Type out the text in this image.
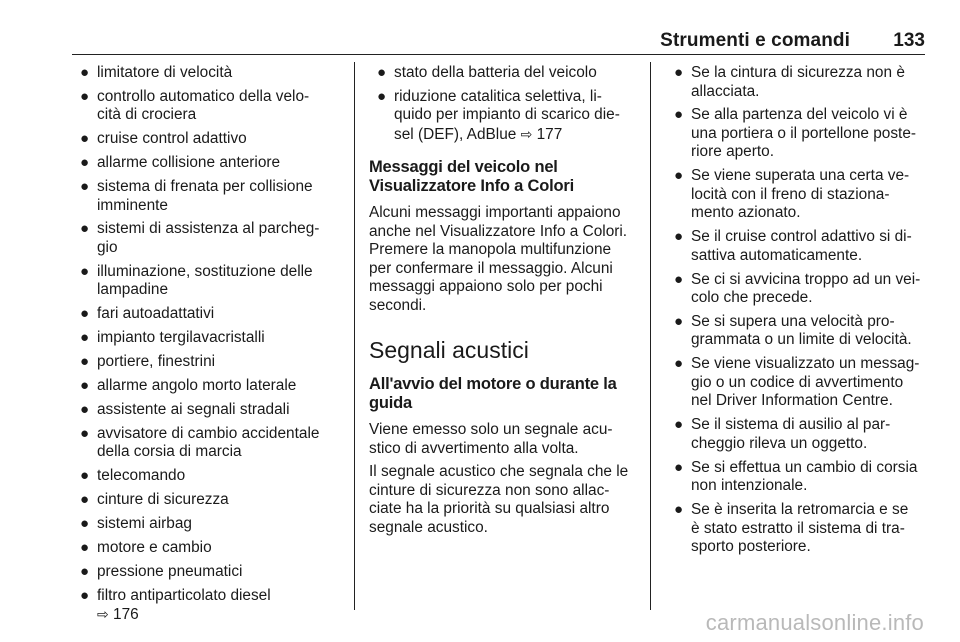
Strumenti e comandi 133
● limitatore di velocità
● controllo automatico della velo-
cità di crociera
● cruise control adattivo
● allarme collisione anteriore
● sistema di frenata per collisione
imminente
● sistemi di assistenza al parcheg-
gio
● illuminazione, sostituzione delle
lampadine
● fari autoadattativi
● impianto tergilavacristalli
● portiere, finestrini
● allarme angolo morto laterale
● assistente ai segnali stradali
● avvisatore di cambio accidentale
della corsia di marcia
● telecomando
● cinture di sicurezza
● sistemi airbag
● motore e cambio
● pressione pneumatici
● filtro antiparticolato diesel
⇨ 176
● stato della batteria del veicolo
● riduzione catalitica selettiva, li-
quido per impianto di scarico die-
sel (DEF), AdBlue ⇨ 177
Messaggi del veicolo nel
Visualizzatore Info a Colori

Alcuni messaggi importanti appaiono
anche nel Visualizzatore Info a Colori.
Premere la manopola multifunzione
per confermare il messaggio. Alcuni
messaggi appaiono solo per pochi
secondi.

Segnali acustici
All'avvio del motore o durante la
guida

Viene emesso solo un segnale acu-
stico di avvertimento alla volta.

Il segnale acustico che segnala che le
cinture di sicurezza non sono allac-
ciate ha la priorità su qualsiasi altro
segnale acustico.

● Se la cintura di sicurezza non è
allacciata.
● Se alla partenza del veicolo vi è
una portiera o il portellone poste-
riore aperto.
● Se viene superata una certa ve-
locità con il freno di staziona-
mento azionato.
● Se il cruise control adattivo si di-
sattiva automaticamente.
● Se ci si avvicina troppo ad un vei-
colo che precede.
● Se si supera una velocità pro-
grammata o un limite di velocità.
● Se viene visualizzato un messag-
gio o un codice di avvertimento
nel Driver Information Centre.
● Se il sistema di ausilio al par-
cheggio rileva un oggetto.
● Se si effettua un cambio di corsia
non intenzionale.
● Se è inserita la retromarcia e se
è stato estratto il sistema di tra-
sporto posteriore.
carmanualsonline.info
